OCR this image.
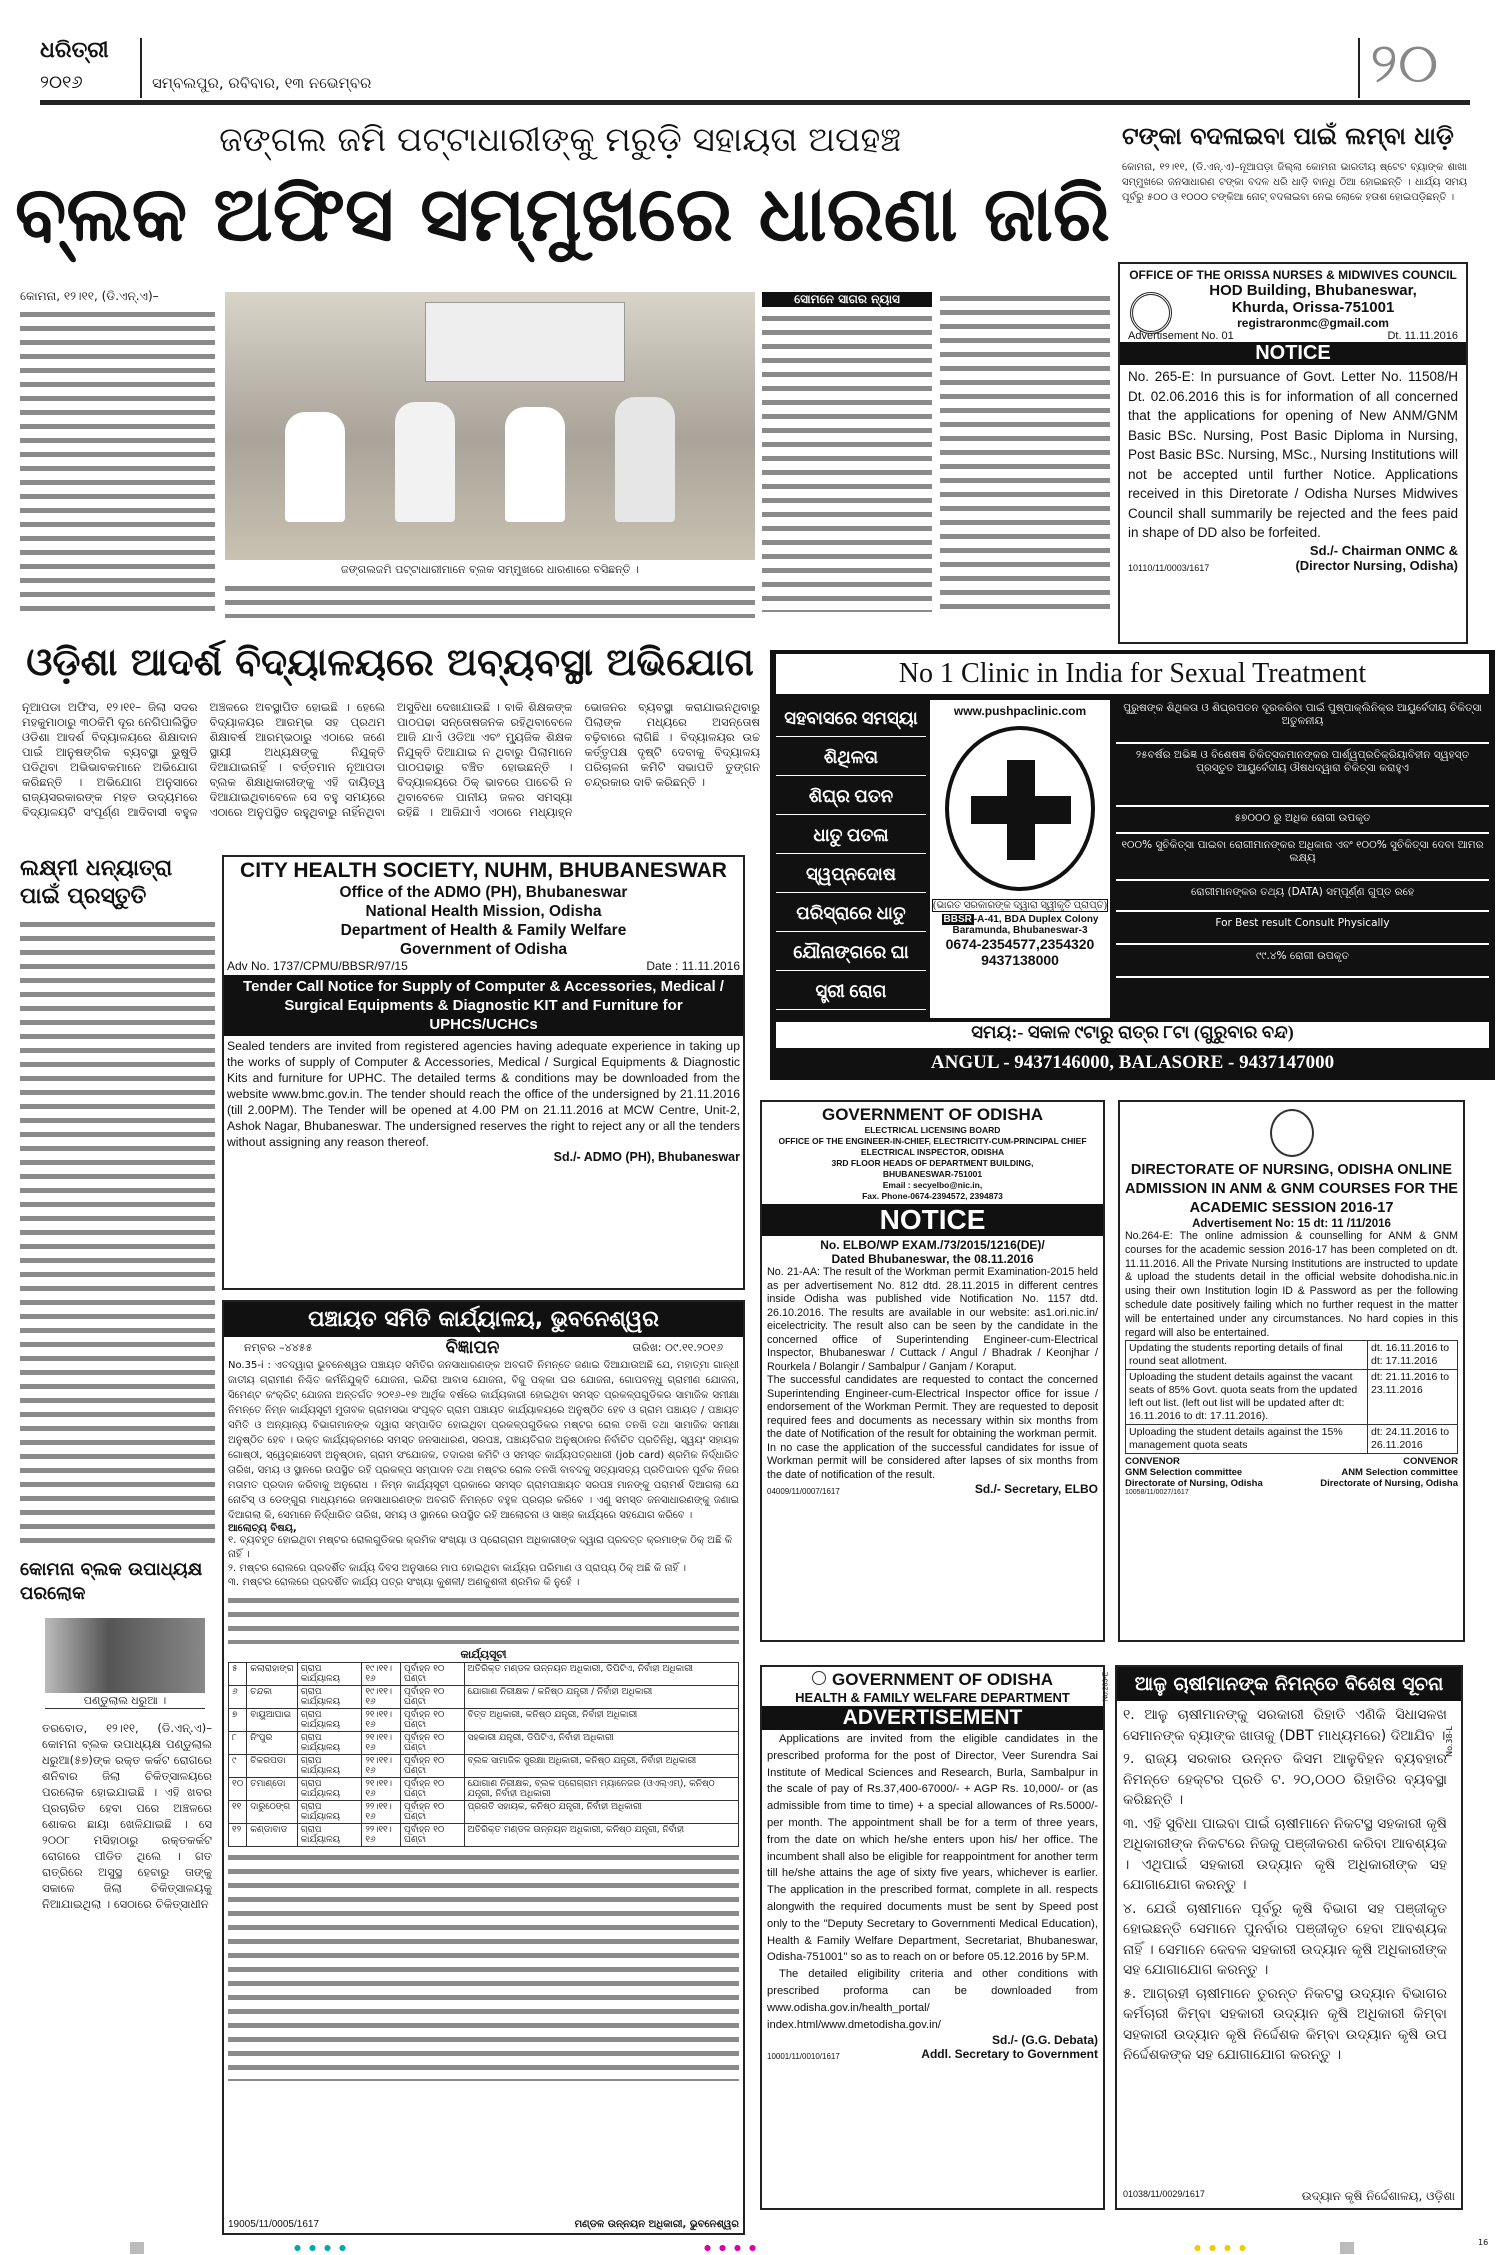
ଧରିତ୍ରୀ
୨୦୧୬	ସମ୍ବଲପୁର, ରବିବାର, ୧୩ ନଭେମ୍ବର	୨୦
ଜଙ୍ଗଲ ଜମି ପଟ୍ଟାଧାରୀଙ୍କୁ ମରୁଡ଼ି ସହାୟତା ଅପହଞ୍ଚ
ବ୍ଲକ ଅଫିସ ସମ୍ମୁଖରେ ଧାରଣା ଜାରି
କୋମନା, ୧୨।୧୧, (ଡି.ଏନ୍.ଏ)–
ଜଙ୍ଗଲଜମି ପଟ୍ଟାଧାରୀମାନେ ବ୍ଲକ ସମ୍ମୁଖରେ ଧାରଣାରେ ବସିଛନ୍ତି ।
ସୋମନେ ସାଗର ନ୍ୟାସ
ଟଙ୍କା ବଦଳାଇବା ପାଇଁ ଲମ୍ବା ଧାଡ଼ି
କୋମନା, ୧୨।୧୧, (ଡି.ଏନ୍.ଏ)–ନୂଆପଡ଼ା ଜିଲ୍ଲା କୋମନା ଭାରତୀୟ ଷ୍ଟେଟ ବ୍ୟାଙ୍କ ଶାଖା ସମ୍ମୁଖରେ ଜନସାଧାରଣ ଟଙ୍କା ବଦଳ ଧରି ଧାଡ଼ି ବାନ୍ଧି ଠିଆ ହୋଇଛନ୍ତି । ଧାର୍ଯ୍ୟ ସମୟ ପୂର୍ବରୁ ୫୦୦ ଓ ୧୦୦୦ ଟଙ୍କିଆ ନୋଟ୍ ବଦଳାଇବା ନେଇ ଲୋକେ ହତାଶ ହୋଇପଡ଼ିଛନ୍ତି ।
OFFICE OF THE ORISSA NURSES & MIDWIVES COUNCIL
HOD Building, Bhubaneswar,
Khurda, Orissa-751001
registraronmc@gmail.com
Advertisement No. 01	Dt. 11.11.2016
NOTICE
No. 265-E: In pursuance of Govt. Letter No. 11508/H Dt. 02.06.2016 this is for information of all concerned that the applications for opening of New ANM/GNM Basic BSc. Nursing, Post Basic Diploma in Nursing, Post Basic BSc. Nursing, MSc., Nursing Institutions will not be accepted until further Notice. Applications received in this Diretorate / Odisha Nurses Midwives Council shall summarily be rejected and the fees paid in shape of DD also be forfeited.
Sd./- Chairman ONMC &
10110/11/0003/1617	(Director Nursing, Odisha)
ଓଡ଼ିଶା ଆଦର୍ଶ ବିଦ୍ୟାଳୟରେ ଅବ୍ୟବସ୍ଥା ଅଭିଯୋଗ
ନୂଆପଡା ଅଫିସ, ୧୨।୧୧– ଜିଲା ସଦର ମହକୁମାଠାରୁ ୩୦କିମି ଦୂର ନେଗିପାଲିସ୍ଥିତ ଓଡିଶା ଆଦର୍ଶ ବିଦ୍ୟାଳୟରେ ଶିକ୍ଷାଦାନ ପାଇଁ ଆନୁଷଙ୍ଗିକ ବ୍ୟବସ୍ଥା ଭୁଷୁଡି ପଡିଥିବା ଅଭିଭାବକମାନେ ଅଭିଯୋଗ କରିଛନ୍ତି । ଅଭିଯୋଗ ଅନୁସାରେ ରାଜ୍ୟସରକାରଙ୍କ ମହତ ଉଦ୍ୟମରେ ବିଦ୍ୟାଳୟଟି ସଂପୂର୍ଣ୍ଣ ଆଦିବାସୀ ବହୁଳ ଅଞ୍ଚଳରେ ଅବସ୍ଥାପିତ ହୋଇଛି । ହେଲେ ବିଦ୍ୟାଳୟର ଆରମ୍ଭ ସହ ପ୍ରଥମ ଶିକ୍ଷାବର୍ଷ ଆରମ୍ଭଠାରୁ ଏଠାରେ ଜଣେ ସ୍ଥାୟୀ ଅଧ୍ୟକ୍ଷଙ୍କୁ ନିଯୁକ୍ତି ଦିଆଯାଇନାହିଁ । ବର୍ତ୍ତମାନ ନୂଆପଡା ବ୍ଲକ ଶିକ୍ଷାଧିକାରୀଙ୍କୁ ଏହି ଦାୟିତ୍ୱ ଦିଆଯାଇଥିବାବେଳେ ସେ ବହୁ ସମୟରେ ଏଠାରେ ଅନୁପସ୍ଥିତ ରହୁଥିବାରୁ ନାହିଁନଥିବା ଅସୁବିଧା ଦେଖାଯାଉଛି । ବାକି ଶିକ୍ଷକଙ୍କ ପାଠପଢା ସନ୍ତୋଷଜନକ ରହିଥିବାବେଳେ ଆଜି ଯାଏଁ ଓଡିଆ ଏବଂ ମ୍ୟୁଜିକ ଶିକ୍ଷକ ନିଯୁକ୍ତି ଦିଆଯାଇ ନ ଥିବାରୁ ପିଲାମାନେ ପାଠପଢାରୁ ବଞ୍ଚିତ ହୋଇଛନ୍ତି । ବିଦ୍ୟାଳୟରେ ଠିକ୍ ଭାବରେ ପାଚେରି ନ ଥିବାବେଳେ ପାନୀୟ ଜଳର ସମସ୍ୟା ରହିଛି । ଆଜିଯାଏଁ ଏଠାରେ ମଧ୍ୟାହ୍ନ ଭୋଜନର ବ୍ୟବସ୍ଥା କରାଯାଇନଥିବାରୁ ପିଲାଙ୍କ ମଧ୍ୟରେ ଅସନ୍ତୋଷ ବଢ଼ିବାରେ ଲାଗିଛି । ବିଦ୍ୟାଳୟର ଉଚ୍ଚ କର୍ତ୍ତୃପକ୍ଷ ଦୃଷ୍ଟି ଦେବାକୁ ବିଦ୍ୟାଳୟ ପରିଚାଳନା କମିଟି ସଭାପତି ତୁଙ୍ଗନ ଚନ୍ଦ୍ରକାର ଦାବି କରିଛନ୍ତି ।
No 1 Clinic in India for Sexual Treatment
ସହବାସରେ ସମସ୍ୟା
ଶିଥିଳତା
ଶିଘ୍ର ପତନ
ଧାତୁ ପତଳା
ସ୍ୱପ୍ନଦୋଷ
ପରିସ୍ରାରେ ଧାତୁ
ଯୌନାଙ୍ଗରେ ଘା
ସ୍ତ୍ରୀ ରୋଗ
www.pushpaclinic.com
(ଭାରତ ସରକାରଙ୍କ ଦ୍ୱାରା ସ୍ୱୀକୃତି ପ୍ରାପ୍ତ)
BBSR -A-41, BDA Duplex Colony
Baramunda, Bhubaneswar-3
0674-2354577,2354320
9437138000
ପୁରୁଷଙ୍କ ଶିଥିଳତା ଓ ଶିଘ୍ରପତନ ଦୂରକରିବା ପାଇଁ ପୁଷ୍ପାକ୍ଲିନିକ୍‌ର ଆୟୁର୍ବେଦୀୟ ଚିକିତ୍ସା ଅତୁଳନୀୟ
୨୫ବର୍ଷର ଅଭିଜ୍ଞ ଓ ବିଶେଷଜ୍ଞ ଚିକିତ୍ସକମାନଙ୍କର ପାର୍ଶ୍ୱପ୍ରତିକ୍ରିୟାବିହୀନ ସ୍ୱହସ୍ତ ପ୍ରସ୍ତୁତ ଆୟୁର୍ବେଦୀୟ ଔଷଧଦ୍ୱାରା ଚିକିତ୍ସା କରାହୁଏ
୫୭୦୦୦ ରୁ ଅଧିକ ରୋଗୀ ଉପକୃତ
୧୦୦% ସୁଚିକିତ୍ସା ପାଇବା ରୋଗୀମାନଙ୍କର ଅଧିକାର ଏବଂ ୧୦୦% ସୁଚିକିତ୍ସା ଦେବା ଆମର ଲକ୍ଷ୍ୟ
ରୋଗୀମାନଙ୍କର ତଥ୍ୟ (DATA) ସମ୍ପୂର୍ଣ୍ଣ ଗୁପ୍ତ ରହେ
For Best result Consult Physically
୯୯.୪% ରୋଗୀ ଉପକୃତ
ସମୟ:- ସକାଳ ୯ଟାରୁ ରାତ୍ର ୮ଟା (ଗୁରୁବାର ବନ୍ଦ)
ANGUL - 9437146000, BALASORE - 9437147000
ଲକ୍ଷ୍ମୀ ଧନ୍ୟାତ୍ରା ପାଇଁ ପ୍ରସ୍ତୁତି
କୋମନା ବ୍ଲକ ଉପାଧ୍ୟକ୍ଷ ପରଲୋକ
ପଣ୍ଡୁଲାଲ ଧରୁଆ ।
ତରବୋଡ, ୧୨।୧୧, (ଡି.ଏନ୍.ଏ)– କୋମନା ବ୍ଲକ ଉପାଧ୍ୟକ୍ଷ ପଣ୍ଡୁଲାଲ ଧରୁଆ(୫୭)ଙ୍କ ରକ୍ତ କର୍କଟ ରୋଗରେ ଶନିବାର ଜିଲା ଚିକିତ୍ସାଳୟରେ ପରଲୋକ ହୋଇଯାଇଛି । ଏହି ଖବର ପ୍ରଚାରିତ ହେବା ପରେ ଅଞ୍ଚଳରେ ଶୋକର ଛାୟା ଖେଳିଯାଇଛି । ସେ ୨୦୦୮ ମସିହାଠାରୁ ରକ୍ତକର୍କଟ ରୋଗରେ ପୀଡିତ ଥିଲେ । ଗତ ରାତ୍ରିରେ ଅସୁସ୍ଥ ହେବାରୁ ତାଙ୍କୁ ସକାଳେ ଜିଲା ଚିକିତ୍ସାଳୟକୁ ନିଆଯାଇଥିଲା । ସେଠାରେ ଚିକିତ୍ସାଧୀନ
CITY HEALTH SOCIETY, NUHM, BHUBANESWAR
Office of the ADMO (PH), Bhubaneswar
National Health Mission, Odisha
Department of Health & Family Welfare
Government of Odisha
Adv No. 1737/CPMU/BBSR/97/15	Date : 11.11.2016
Tender Call Notice for Supply of Computer & Accessories, Medical / Surgical Equipments & Diagnostic KIT and Furniture for UPHCS/UCHCs
Sealed tenders are invited from registered agencies having adequate experience in taking up the works of supply of Computer & Accessories, Medical / Surgical Equipments & Diagnostic Kits and furniture for UPHC. The detailed terms & conditions may be downloaded from the website www.bmc.gov.in. The tender should reach the office of the undersigned by 21.11.2016 (till 2.00PM). The Tender will be opened at 4.00 PM on 21.11.2016 at MCW Centre, Unit-2, Ashok Nagar, Bhubaneswar. The undersigned reserves the right to reject any or all the tenders without assigning any reason thereof.
Sd./- ADMO (PH), Bhubaneswar
ପଞ୍ଚାୟତ ସମିତି କାର୍ଯ୍ୟାଳୟ, ଭୁବନେଶ୍ୱର
ନମ୍ବର –୪୪୫୫	ବିଜ୍ଞାପନ	ତାରିଖ: ୦୯.୧୧.୨୦୧୬
No.35-i : ଏତଦ୍ୱାରା ଭୁବନେଶ୍ୱର ପଞ୍ଚାୟତ ସମିତିର ଜନସାଧାରଣଙ୍କ ଅବଗତି ନିମନ୍ତେ ଜଣାଇ ଦିଆଯାଉଅଛି ଯେ, ମହାତ୍ମା ଗାନ୍ଧୀ ଜାତୀୟ ଗ୍ରାମୀଣ ନିଶ୍ଚିତ କର୍ମନିଯୁକ୍ତି ଯୋଜନା, ଇନ୍ଦିରା ଆବାସ ଯୋଜନା, ବିଜୁ ପକ୍କା ଘର ଯୋଜନା, ଗୋପବନ୍ଧୁ ଗ୍ରାମୀଣ ଯୋଜନା, ସିମେଣ୍ଟ କଂକ୍ରିଟ୍ ଯୋଜନା ଅନ୍ତର୍ଗତ ୨୦୧୬–୧୭ ଆର୍ଥିକ ବର୍ଷରେ କାର୍ଯ୍ୟକାରୀ ହୋଇଥିବା ସମସ୍ତ ପ୍ରକଳ୍ପଗୁଡିକର ସାମାଜିକ ସମୀକ୍ଷା ନିମନ୍ତେ ନିମ୍ନ କାର୍ଯ୍ୟସୂଚୀ ମୁତାବକ ଗ୍ରାମସଭା ସଂପୃକ୍ତ ଗ୍ରାମ ପଞ୍ଚାୟତ କାର୍ଯ୍ୟାଳୟରେ ଅନୁଷ୍ଠିତ ହେବ ଓ ଗ୍ରାମ ପଞ୍ଚାୟତ / ପଞ୍ଚାୟତ ସମିତି ଓ ଅନ୍ୟାନ୍ୟ ବିଭାଗମାନଙ୍କ ଦ୍ୱାରା ସମ୍ପାଦିତ ହୋଇଥିବା ପ୍ରକଳ୍ପଗୁଡିକର ମଷ୍ଟର ରୋଲ ତନଖି ତଥା ସାମାଜିକ ସମୀକ୍ଷା ଅନୁଷ୍ଠିତ ହେବ । ଉକ୍ତ କାର୍ଯ୍ୟକ୍ରମରେ ସମସ୍ତ ଜନସାଧାରଣ, ସରପଞ୍ଚ, ପଞ୍ଚାୟତିରାଜ ଅନୁଷ୍ଠାନର ନିର୍ବାଚିତ ପ୍ରତିନିଧି, ସ୍ୱୟଂ ସହାୟକ ଗୋଷ୍ଠୀ, ସ୍ୱେଚ୍ଛାସେବୀ ଅନୁଷ୍ଠାନ, ଗ୍ରାମ ସଂଯୋଜକ, ତଦାରଖ କମିଟି ଓ ସମସ୍ତ କାର୍ଯ୍ୟପତ୍ରଧାରୀ (job card) ଶ୍ରମିକ ନିର୍ଦ୍ଧାରିତ ତାରିଖ, ସମୟ ଓ ସ୍ଥାନରେ ଉପସ୍ଥିତ ରହି ପ୍ରକଳ୍ପ ସମ୍ପାଦନ ତଥା ମଷ୍ଟର ରୋଲ ତନଖି ବାବଦକୁ ସତ୍ୟାସତ୍ୟ ପ୍ରତିପାଦନ ପୂର୍ବକ ନିଜର ମତାମତ ପ୍ରଦାନ କରିବାକୁ ଅନୁରୋଧ । ନିମ୍ନ କାର୍ଯ୍ୟସୂଚୀ ପ୍ରକାରେ ସମସ୍ତ ଗ୍ରାମପଞ୍ଚାୟତ ସରପଞ୍ଚ ମାନଙ୍କୁ ପରାମର୍ଶ ଦିଆଗଲା ଯେ ନୋଟିସ୍ ଓ ଡେଙ୍ଗୁରା ମାଧ୍ୟମରେ ଜନସାଧାରଣଙ୍କ ଅବଗତି ନିମନ୍ତେ ବହୁଳ ପ୍ରଚାର କରିବେ । ଏଣୁ ସମସ୍ତ ଜନସାଧାରଣଙ୍କୁ ଜଣାଇ ଦିଆଗଲା କି, ସେମାନେ ନିର୍ଦ୍ଧାରିତ ତାରିଖ, ସମୟ ଓ ସ୍ଥାନରେ ଉପସ୍ଥିତ ରହି ଆଲୋଚନା ଓ ସାଞ୍ଜ କାର୍ଯ୍ୟରେ ସହଯୋଗ କରିବେ ।
ଆଲୋଚ୍ୟ ବିଷୟ,
୧. ବ୍ୟବହୃତ ହୋଇଥିବା ମଷ୍ଟର ରୋଲଗୁଡିକର କ୍ରମିକ ସଂଖ୍ୟା ଓ ପ୍ରୋଗ୍ରାମ ଅଧିକାରୀଙ୍କ ଦ୍ୱାରା ପ୍ରଦତ୍ତ କ୍ରମାଙ୍କ ଠିକ୍ ଅଛି କି ନାହିଁ ।
୨. ମଷ୍ଟର ରୋଲରେ ପ୍ରଦର୍ଶିତ କାର୍ଯ୍ୟ ଦିବସ ଅନୁସାରେ ମାପ ହୋଇଥିବା କାର୍ଯ୍ୟର ପରିମାଣ ଓ ପ୍ରାପ୍ୟ ଠିକ୍ ଅଛି କି ନାହିଁ ।
୩. ମଷ୍ଟର ରୋଲରେ ପ୍ରଦର୍ଶିତ କାର୍ଯ୍ୟ ପତ୍ର ସଂଖ୍ୟା କୁଶଳୀ/ ଅଣକୁଶଳୀ ଶ୍ରମିକ କି ନୁହେଁ ।
କାର୍ଯ୍ୟସୂଚୀ
୫	କଲାରାହାଙ୍ଗ	ଗ୍ରାପ କାର୍ଯ୍ୟାଳୟ	୧୯।୧୧।୧୬	ପୂର୍ବାହ୍ନ ୧୦ ଘଣ୍ଟା	ଅତିରିକ୍ତ ମଣ୍ଡଳ ଉନ୍ନୟନ ଅଧିକାରୀ, ଡିପିଟିଏ, ନିର୍ବାହୀ ଅଧିକାରୀ
୬	ଚନ୍ଦକା	ଗ୍ରାପ କାର୍ଯ୍ୟାଳୟ	୧୯।୧୧।୧୬	ପୂର୍ବାହ୍ନ ୧୦ ଘଣ୍ଟା	ଯୋଗାଣ ନିରୀକ୍ଷକ / କନିଷ୍ଠ ଯନ୍ତ୍ରୀ / ନିର୍ବାହୀ ଅଧିକାରୀ
୭	ବାୟୁଆଘାଇ	ଗ୍ରାପ କାର୍ଯ୍ୟାଳୟ	୨୧।୧୧।୧୬	ପୂର୍ବାହ୍ନ ୧୦ ଘଣ୍ଟା	ବିତ୍ତ ଅଧିକାରୀ, କନିଷ୍ଠ ଯନ୍ତ୍ରୀ, ନିର୍ବାହୀ ଅଧିକାରୀ
୮	ନିଂପୁର	ଗ୍ରାପ କାର୍ଯ୍ୟାଳୟ	୨୧।୧୧।୧୬	ପୂର୍ବାହ୍ନ ୧୦ ଘଣ୍ଟା	ସହକାରୀ ଯନ୍ତ୍ରୀ, ଡିପିଟିଏ, ନିର୍ବାହୀ ଅଧିକାରୀ
୯	ଚିକରପଡା	ଗ୍ରାପ କାର୍ଯ୍ୟାଳୟ	୨୧।୧୧।୧୬	ପୂର୍ବାହ୍ନ ୧୦ ଘଣ୍ଟା	ବ୍ଲକ ସାମାଜିକ ସୁରକ୍ଷା ଅଧିକାରୀ, କନିଷ୍ଠ ଯନ୍ତ୍ରୀ, ନିର୍ବାହୀ ଅଧିକାରୀ
୧୦	ତମାଣ୍ଡୋ	ଗ୍ରାପ କାର୍ଯ୍ୟାଳୟ	୨୧।୧୧।୧୬	ପୂର୍ବାହ୍ନ ୧୦ ଘଣ୍ଟା	ଯୋଗାଣ ନିରୀକ୍ଷକ, ବ୍ଲକ ପ୍ରୋଗ୍ରାମ ମ୍ୟାନେଜର (ଓଏଲ୍‌ଏମ୍), କନିଷ୍ଠ ଯନ୍ତ୍ରୀ, ନିର୍ବାହୀ ଅଧିକାରୀ
୧୧	ଦାରୁଠେଙ୍ଗ	ଗ୍ରାପ କାର୍ଯ୍ୟାଳୟ	୨୨।୧୧।୧୬	ପୂର୍ବାହ୍ନ ୧୦ ଘଣ୍ଟା	ପ୍ରଗତି ସହାୟକ, କନିଷ୍ଠ ଯନ୍ତ୍ରୀ, ନିର୍ବାହୀ ଅଧିକାରୀ
୧୨	କଣ୍ଡାବାଡ	ଗ୍ରାପ କାର୍ଯ୍ୟାଳୟ	୨୨।୧୧।୧୬	ପୂର୍ବାହ୍ନ ୧୦ ଘଣ୍ଟା	ଅତିରିକ୍ତ ମଣ୍ଡଳ ଉନ୍ନୟନ ଅଧିକାରୀ, କନିଷ୍ଠ ଯନ୍ତ୍ରୀ, ନିର୍ବାହୀ
19005/11/0005/1617	ମଣ୍ଡଳ ଉନ୍ନୟନ ଅଧିକାରୀ, ଭୁବନେଶ୍ୱର
GOVERNMENT OF ODISHA
ELECTRICAL LICENSING BOARD
OFFICE OF THE ENGINEER-IN-CHIEF, ELECTRICITY-CUM-PRINCIPAL CHIEF ELECTRICAL INSPECTOR, ODISHA
3RD FLOOR HEADS OF DEPARTMENT BUILDING,
BHUBANESWAR-751001
Email : secyelbo@nic.in,
Fax. Phone-0674-2394572, 2394873
NOTICE
No. ELBO/WP EXAM./73/2015/1216(DE)/
Dated Bhubaneswar, the 08.11.2016
No. 21-AA: The result of the Workman permit Examination-2015 held as per advertisement No. 812 dtd. 28.11.2015 in different centres inside Odisha was published vide Notification No. 1157 dtd. 26.10.2016. The results are available in our website: as1.ori.nic.in/ eicelectricity. The result also can be seen by the candidate in the concerned office of Superintending Engineer-cum-Electrical Inspector, Bhubaneswar / Cuttack / Angul / Bhadrak / Keonjhar / Rourkela / Bolangir / Sambalpur / Ganjam / Koraput.
The successful candidates are requested to contact the concerned Superintending Engineer-cum-Electrical Inspector office for issue / endorsement of the Workman Permit. They are requested to deposit required fees and documents as necessary within six months from the date of Notification of the result for obtaining the workman permit.
In no case the application of the successful candidates for issue of Workman permit will be considered after lapses of six months from the date of notification of the result.
04009/11/0007/1617	Sd./- Secretary, ELBO
DIRECTORATE OF NURSING, ODISHA ONLINE ADMISSION IN ANM & GNM COURSES FOR THE ACADEMIC SESSION 2016-17
Advertisement No: 15 dt: 11 /11/2016
No.264-E: The online admission & counselling for ANM & GNM courses for the academic session 2016-17 has been completed on dt. 11.11.2016. All the Private Nursing Institutions are instructed to update & upload the students detail in the official website dohodisha.nic.in using their own Institution login ID & Password as per the following schedule date positively failing which no further request in the matter will be entertained under any circumstances. No hard copies in this regard will also be entertained.
Updating the students reporting details of final round seat allotment.	dt. 16.11.2016 to dt: 17.11.2016
Uploading the student details against the vacant seats of 85% Govt. quota seats from the updated left out list. (left out list will be updated after dt: 16.11.2016 to dt: 17.11.2016).	dt: 21.11.2016 to 23.11.2016
Uploading the student details against the 15% management quota seats	dt: 24.11.2016 to 26.11.2016
CONVENOR
GNM Selection committee
Directorate of Nursing, Odisha
CONVENOR
ANM Selection committee
Directorate of Nursing, Odisha
10058/11/0027/1617
GOVERNMENT OF ODISHA
HEALTH & FAMILY WELFARE DEPARTMENT	No.263-E
ADVERTISEMENT
Applications are invited from the eligible candidates in the prescribed proforma for the post of Director, Veer Surendra Sai Institute of Medical Sciences and Research, Burla, Sambalpur in the scale of pay of Rs.37,400-67000/- + AGP Rs. 10,000/- or (as admissible from time to time) + a special allowances of Rs.5000/- per month. The appointment shall be for a term of three years, from the date on which he/she enters upon his/ her office. The incumbent shall also be eligible for reappointment for another term till he/she attains the age of sixty five years, whichever is earlier. The application in the prescribed format, complete in all. respects alongwith the required documents must be sent by Speed post only to the "Deputy Secretary to Governmenti Medical Education), Health & Family Welfare Department, Secretariat, Bhubaneswar, Odisha-751001" so as to reach on or before 05.12.2016 by 5P.M.
The detailed eligibility criteria and other conditions with prescribed proforma can be downloaded from www.odisha.gov.in/health_portal/ index.html/www.dmetodisha.gov.in/
Sd./- (G.G. Debata)
10001/11/0010/1617	Addl. Secretary to Government
ଆଳୁ ଚାଷୀମାନଙ୍କ ନିମନ୍ତେ ବିଶେଷ ସୂଚନା
No.38-L
୧. ଆଳୁ ଚାଷୀମାନଙ୍କୁ ସରକାରୀ ରିହାତି ଏଣିକି ସିଧାସଳଖ ସେମାନଙ୍କ ବ୍ୟାଙ୍କ ଖାତାକୁ (DBT ମାଧ୍ୟମରେ) ଦିଆଯିବ ।
୨. ରାଜ୍ୟ ସରକାର ଉନ୍ନତ କିସମ ଆଳୁବିହନ ବ୍ୟବହାର ନିମନ୍ତେ ହେକ୍ଟର ପ୍ରତି ଟ. ୨୦,୦୦୦ ରିହାତିର ବ୍ୟବସ୍ଥା କରିଛନ୍ତି ।
୩. ଏହି ସୁବିଧା ପାଇବା ପାଇଁ ଚାଷୀମାନେ ନିକଟସ୍ଥ ସହକାରୀ କୃଷି ଅଧିକାରୀଙ୍କ ନିକଟରେ ନିଜକୁ ପଞ୍ଜୀକରଣ କରିବା ଆବଶ୍ୟକ । ଏଥିପାଇଁ ସହକାରୀ ଉଦ୍ୟାନ କୃଷି ଅଧିକାରୀଙ୍କ ସହ ଯୋଗାଯୋଗ କରନ୍ତୁ ।
୪. ଯେଉଁ ଚାଷୀମାନେ ପୂର୍ବରୁ କୃଷି ବିଭାଗ ସହ ପଞ୍ଜୀକୃତ ହୋଇଛନ୍ତି ସେମାନେ ପୁନର୍ବାର ପଞ୍ଜୀକୃତ ହେବା ଆବଶ୍ୟକ ନାହିଁ । ସେମାନେ କେବଳ ସହକାରୀ ଉଦ୍ୟାନ କୃଷି ଅଧିକାରୀଙ୍କ ସହ ଯୋଗାଯୋଗ କରନ୍ତୁ ।
୫. ଆଗ୍ରହୀ ଚାଷୀମାନେ ତୁରନ୍ତ ନିକଟସ୍ଥ ଉଦ୍ୟାନ ବିଭାଗର କର୍ମଚାରୀ କିମ୍ବା ସହକାରୀ ଉଦ୍ୟାନ କୃଷି ଅଧିକାରୀ କିମ୍ବା ସହକାରୀ ଉଦ୍ୟାନ କୃଷି ନିର୍ଦ୍ଦେଶକ କିମ୍ବା ଉଦ୍ୟାନ କୃଷି ଉପ ନିର୍ଦ୍ଦେଶକଙ୍କ ସହ ଯୋଗାଯୋଗ କରନ୍ତୁ ।
01038/11/0029/1617	ଉଦ୍ୟାନ କୃଷି ନିର୍ଦ୍ଦେଶାଳୟ, ଓଡ଼ିଶା
16
